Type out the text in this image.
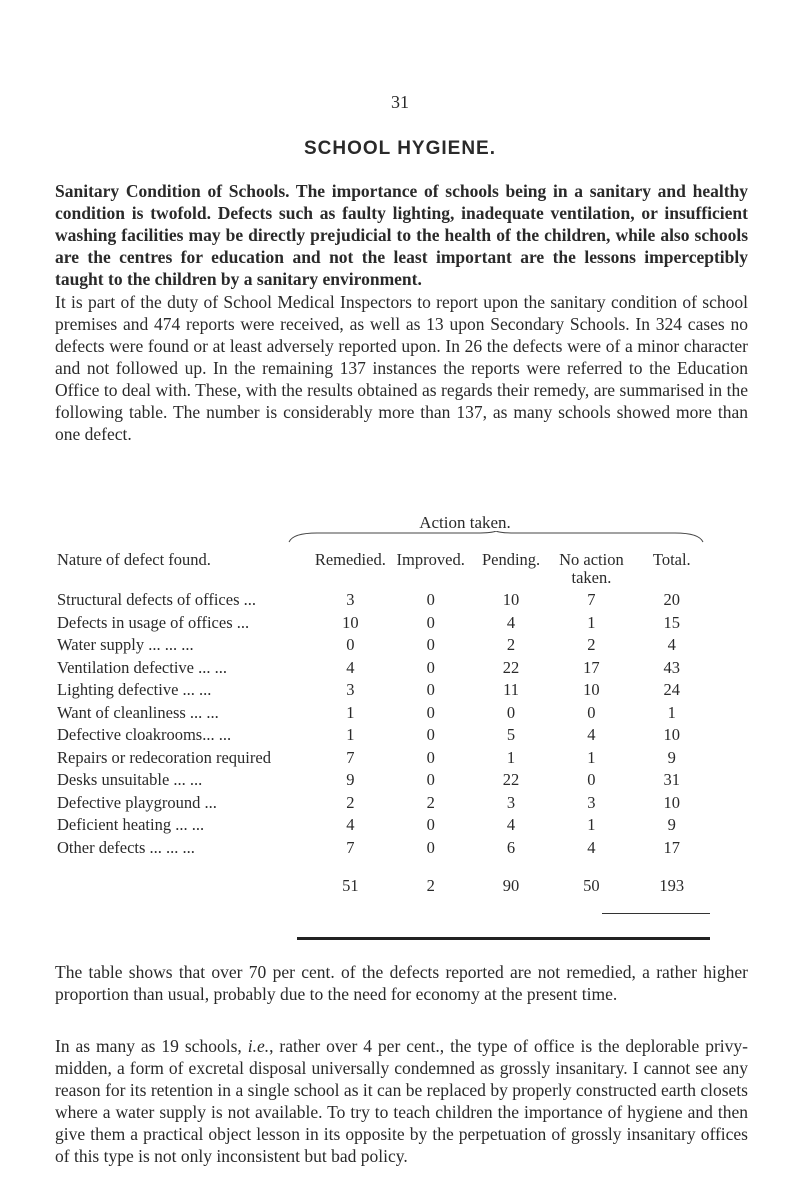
31
SCHOOL HYGIENE.
Sanitary Condition of Schools. The importance of schools being in a sanitary and healthy condition is twofold. Defects such as faulty lighting, inadequate ventilation, or insufficient washing facilities may be directly prejudicial to the health of the children, while also schools are the centres for education and not the least important are the lessons imperceptibly taught to the children by a sanitary environment.
It is part of the duty of School Medical Inspectors to report upon the sanitary condition of school premises and 474 reports were received, as well as 13 upon Secondary Schools. In 324 cases no defects were found or at least adversely reported upon. In 26 the defects were of a minor character and not followed up. In the remaining 137 instances the reports were referred to the Education Office to deal with. These, with the results obtained as regards their remedy, are summarised in the following table. The number is considerably more than 137, as many schools showed more than one defect.
Action taken.
Nature of defect found.	Remedied.	Improved.	Pending.	No action taken.	Total.
Structural defects of offices ...	3	0	10	7	20
Defects in usage of offices ...	10	0	4	1	15
Water supply ... ... ...	0	0	2	2	4
Ventilation defective ... ...	4	0	22	17	43
Lighting defective ... ...	3	0	11	10	24
Want of cleanliness ... ...	1	0	0	0	1
Defective cloakrooms... ...	1	0	5	4	10
Repairs or redecoration required	7	0	1	1	9
Desks unsuitable ... ...	9	0	22	0	31
Defective playground ...	2	2	3	3	10
Deficient heating ... ...	4	0	4	1	9
Other defects ... ... ...	7	0	6	4	17
	51	2	90	50	193
The table shows that over 70 per cent. of the defects reported are not remedied, a rather higher proportion than usual, probably due to the need for economy at the present time.
In as many as 19 schools, i.e., rather over 4 per cent., the type of office is the deplorable privy-midden, a form of excretal disposal universally condemned as grossly insanitary. I cannot see any reason for its retention in a single school as it can be replaced by properly constructed earth closets where a water supply is not available. To try to teach children the importance of hygiene and then give them a practical object lesson in its opposite by the perpetuation of grossly insanitary offices of this type is not only inconsistent but bad policy.
